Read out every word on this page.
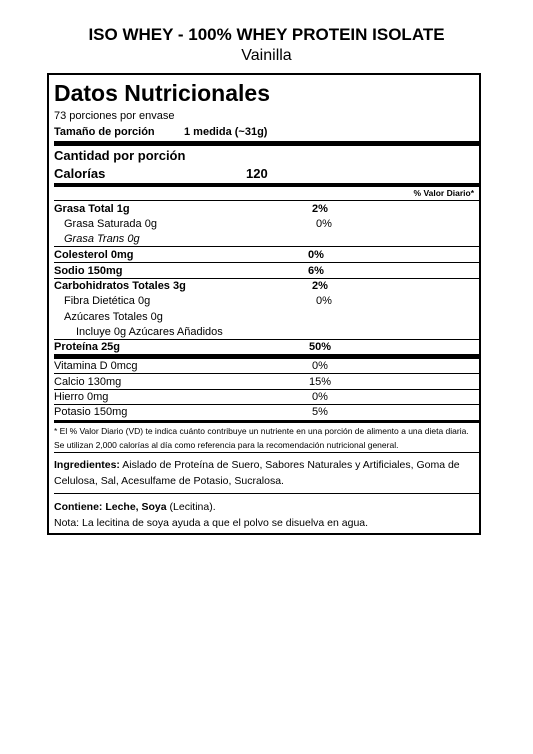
ISO WHEY - 100% WHEY PROTEIN ISOLATE
Vainilla
Datos Nutricionales
73 porciones por envase
Tamaño de porción	1 medida (~31g)
Cantidad por porción
Calorías	120
% Valor Diario*
Grasa Total 1g	2%
Grasa Saturada 0g	0%
Grasa Trans 0g
Colesterol 0mg	0%
Sodio 150mg	6%
Carbohidratos Totales 3g	2%
Fibra Dietética 0g	0%
Azúcares Totales 0g
Incluye 0g Azúcares Añadidos
Proteína 25g	50%
Vitamina D 0mcg	0%
Calcio 130mg	15%
Hierro 0mg	0%
Potasio 150mg	5%
* El % Valor Diario (VD) te indica cuánto contribuye un nutriente en una porción de alimento a una dieta diaria. Se utilizan 2,000 calorías al día como referencia para la recomendación nutricional general.
Ingredientes: Aislado de Proteína de Suero, Sabores Naturales y Artificiales, Goma de Celulosa, Sal, Acesulfame de Potasio, Sucralosa.
Contiene: Leche, Soya (Lecitina).
Nota: La lecitina de soya ayuda a que el polvo se disuelva en agua.
